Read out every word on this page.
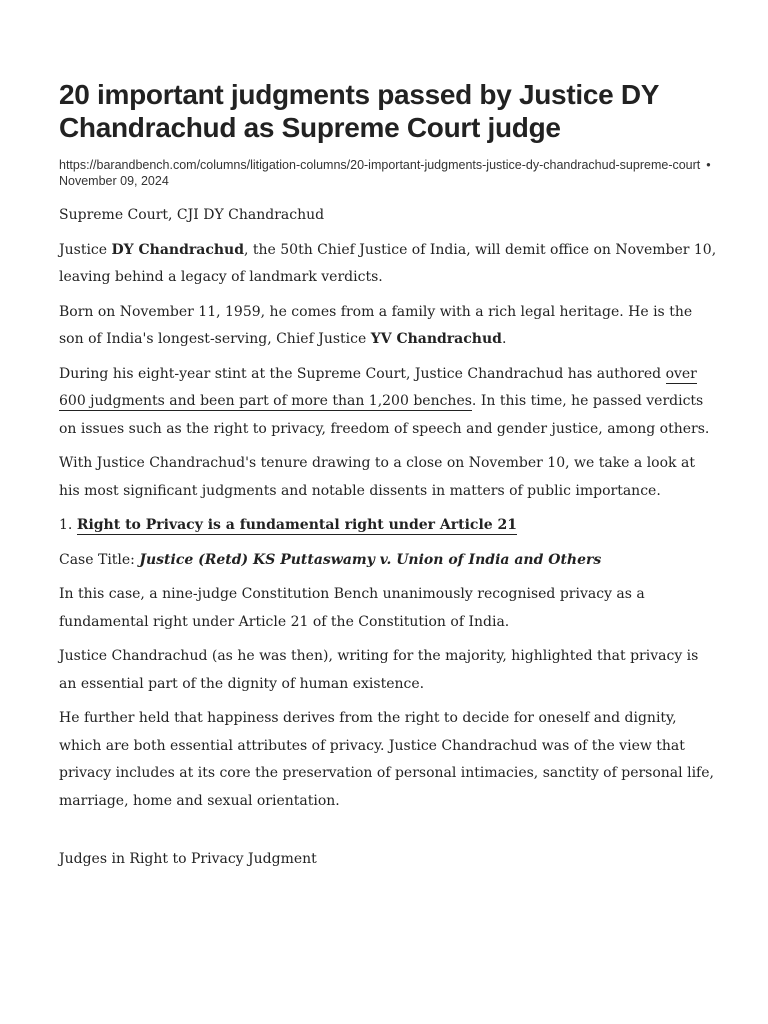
20 important judgments passed by Justice DY Chandrachud as Supreme Court judge
https://barandbench.com/columns/litigation-columns/20-important-judgments-justice-dy-chandrachud-supreme-court •November 09, 2024

Supreme Court, CJI DY Chandrachud

Justice DY Chandrachud, the 50th Chief Justice of India, will demit office on November 10, leaving behind a legacy of landmark verdicts.

Born on November 11, 1959, he comes from a family with a rich legal heritage. He is the son of India's longest-serving, Chief Justice YV Chandrachud.

During his eight-year stint at the Supreme Court, Justice Chandrachud has authored over 600 judgments and been part of more than 1,200 benches. In this time, he passed verdicts on issues such as the right to privacy, freedom of speech and gender justice, among others.

With Justice Chandrachud's tenure drawing to a close on November 10, we take a look at his most significant judgments and notable dissents in matters of public importance.

1. Right to Privacy is a fundamental right under Article 21

Case Title: Justice (Retd) KS Puttaswamy v. Union of India and Others

In this case, a nine-judge Constitution Bench unanimously recognised privacy as a fundamental right under Article 21 of the Constitution of India.

Justice Chandrachud (as he was then), writing for the majority, highlighted that privacy is an essential part of the dignity of human existence.

He further held that happiness derives from the right to decide for oneself and dignity, which are both essential attributes of privacy. Justice Chandrachud was of the view that privacy includes at its core the preservation of personal intimacies, sanctity of personal life, marriage, home and sexual orientation.

Judges in Right to Privacy Judgment
